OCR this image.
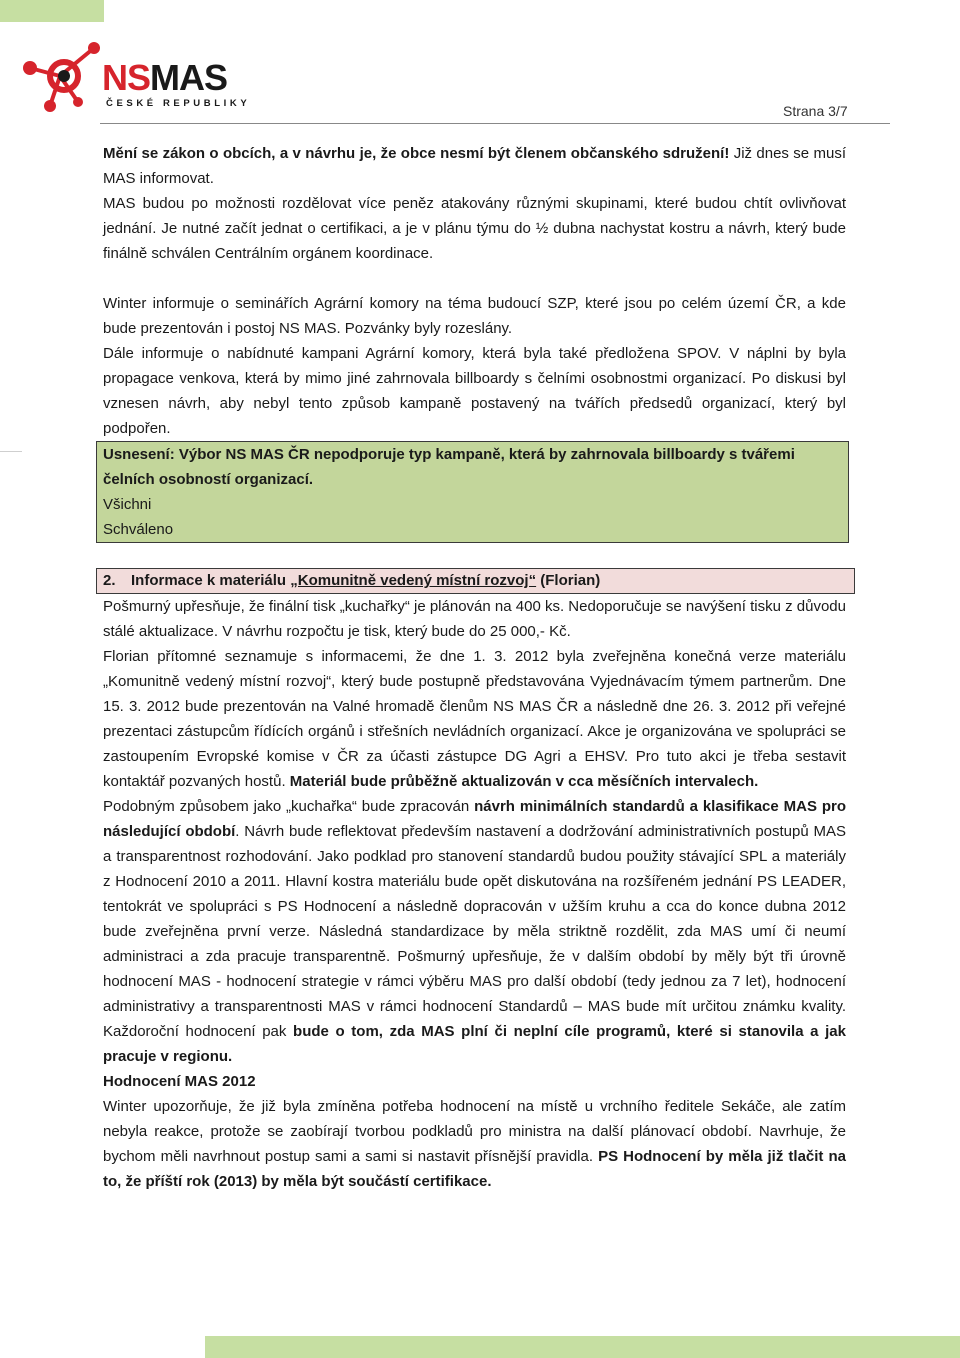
NSMAS
ČESKÉ REPUBLIKY	Strana 3/7

Mění se zákon o obcích, a v návrhu je, že obce nesmí být členem občanského sdružení! Již dnes se musí MAS informovat.

MAS budou po možnosti rozdělovat více peněz atakovány různými skupinami, které budou chtít ovlivňovat jednání. Je nutné začít jednat o certifikaci, a je v plánu týmu do ½ dubna nachystat kostru a návrh, který bude finálně schválen Centrálním orgánem koordinace.

Winter informuje o seminářích Agrární komory na téma budoucí SZP, které jsou po celém území ČR, a kde bude prezentován i postoj NS MAS. Pozvánky byly rozeslány.

Dále informuje o nabídnuté kampani Agrární komory, která byla také předložena SPOV. V náplni by byla propagace venkova, která by mimo jiné zahrnovala billboardy s čelními osobnostmi organizací. Po diskusi byl vznesen návrh, aby nebyl tento způsob kampaně postavený na tvářích předsedů organizací, který byl podpořen.

Usnesení: Výbor NS MAS ČR nepodporuje typ kampaně, která by zahrnovala billboardy s tvářemi čelních osobností organizací.

Všichni

Schváleno

2. Informace k materiálu „Komunitně vedený místní rozvoj“ (Florian)

Pošmurný upřesňuje, že finální tisk „kuchařky“ je plánován na 400 ks. Nedoporučuje se navýšení tisku z důvodu stálé aktualizace. V návrhu rozpočtu je tisk, který bude do 25 000,- Kč.

Florian přítomné seznamuje s informacemi, že dne 1. 3. 2012 byla zveřejněna konečná verze materiálu „Komunitně vedený místní rozvoj“, který bude postupně představována Vyjednávacím týmem partnerům. Dne 15. 3. 2012 bude prezentován na Valné hromadě členům NS MAS ČR a následně dne 26. 3. 2012 při veřejné prezentaci zástupcům řídících orgánů i střešních nevládních organizací. Akce je organizována ve spolupráci se zastoupením Evropské komise v ČR za účasti zástupce DG Agri a EHSV. Pro tuto akci je třeba sestavit kontaktář pozvaných hostů. Materiál bude průběžně aktualizován v cca měsíčních intervalech.

Podobným způsobem jako „kuchařka“ bude zpracován návrh minimálních standardů a klasifikace MAS pro následující období. Návrh bude reflektovat především nastavení a dodržování administrativních postupů MAS a transparentnost rozhodování. Jako podklad pro stanovení standardů budou použity stávající SPL a materiály z Hodnocení 2010 a 2011. Hlavní kostra materiálu bude opět diskutována na rozšířeném jednání PS LEADER, tentokrát ve spolupráci s PS Hodnocení a následně dopracován v užším kruhu a cca do konce dubna 2012 bude zveřejněna první verze. Následná standardizace by měla striktně rozdělit, zda MAS umí či neumí administraci a zda pracuje transparentně. Pošmurný upřesňuje, že v dalším období by měly být tři úrovně hodnocení MAS - hodnocení strategie v rámci výběru MAS pro další období (tedy jednou za 7 let), hodnocení administrativy a transparentnosti MAS v rámci hodnocení Standardů – MAS bude mít určitou známku kvality. Každoroční hodnocení pak bude o tom, zda MAS plní či neplní cíle programů, které si stanovila a jak pracuje v regionu.

Hodnocení MAS 2012

Winter upozorňuje, že již byla zmíněna potřeba hodnocení na místě u vrchního ředitele Sekáče, ale zatím nebyla reakce, protože se zaobírají tvorbou podkladů pro ministra na další plánovací období. Navrhuje, že bychom měli navrhnout postup sami a sami si nastavit přísnější pravidla. PS Hodnocení by měla již tlačit na to, že příští rok (2013) by měla být součástí certifikace.
